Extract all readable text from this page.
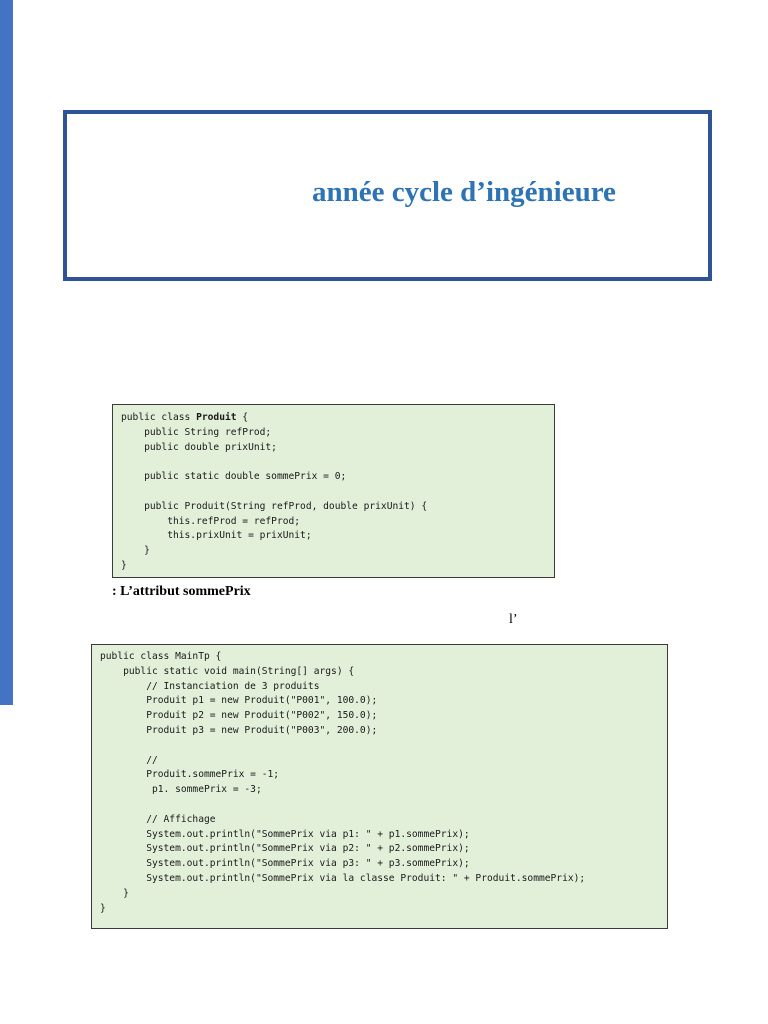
année cycle d’ingénieure
public class Produit {
public String refProd;
public double prixUnit;
public static double sommePrix = 0;
public Produit(String refProd, double prixUnit) {
this.refProd = refProd;
this.prixUnit = prixUnit;
}
}
: L’attribut sommePrix
l’
public class MainTp {
public static void main(String[] args) {
// Instanciation de 3 produits
Produit p1 = new Produit("P001", 100.0);
Produit p2 = new Produit("P002", 150.0);
Produit p3 = new Produit("P003", 200.0);
//
Produit.sommePrix = -1;
p1. sommePrix = -3;
// Affichage
System.out.println("SommePrix via p1: " + p1.sommePrix);
System.out.println("SommePrix via p2: " + p2.sommePrix);
System.out.println("SommePrix via p3: " + p3.sommePrix);
System.out.println("SommePrix via la classe Produit: " + Produit.sommePrix);
}
}
